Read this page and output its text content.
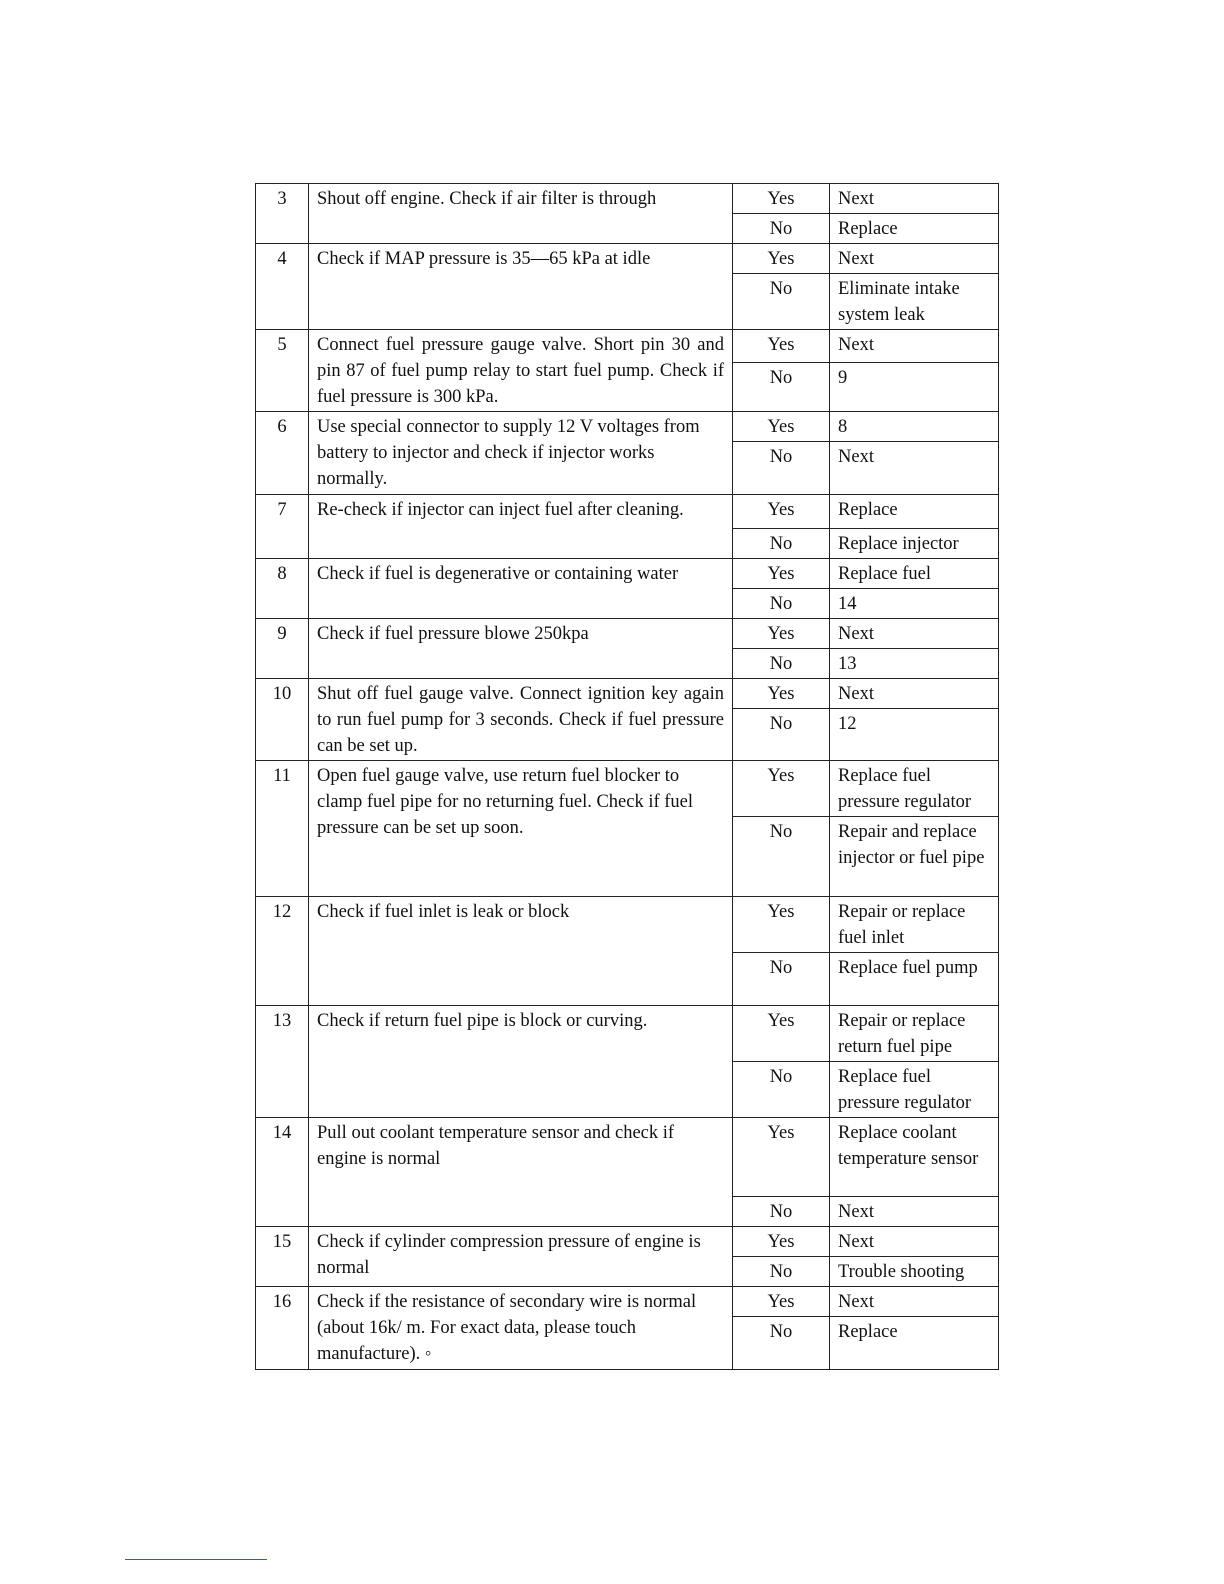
3	Shout off engine. Check if air filter is through	Yes	Next
		No	Replace
4	Check if MAP pressure is 35—65 kPa at idle	Yes	Next
		No	Eliminate intake system leak
5	Connect fuel pressure gauge valve. Short pin 30 and pin 87 of fuel pump relay to start fuel pump. Check if fuel pressure is 300 kPa.	Yes	Next
		No	9
6	Use special connector to supply 12 V voltages from battery to injector and check if injector works normally.	Yes	8
		No	Next
7	Re-check if injector can inject fuel after cleaning.	Yes	Replace
		No	Replace injector
8	Check if fuel is degenerative or containing water	Yes	Replace fuel
		No	14
9	Check if fuel pressure blowe 250kpa	Yes	Next
		No	13
10	Shut off fuel gauge valve. Connect ignition key again to run fuel pump for 3 seconds. Check if fuel pressure can be set up.	Yes	Next
		No	12
11	Open fuel gauge valve, use return fuel blocker to clamp fuel pipe for no returning fuel. Check if fuel pressure can be set up soon.	Yes	Replace fuel pressure regulator
		No	Repair and replace injector or fuel pipe
12	Check if fuel inlet is leak or block	Yes	Repair or replace fuel inlet
		No	Replace fuel pump
13	Check if return fuel pipe is block or curving.	Yes	Repair or replace return fuel pipe
		No	Replace fuel pressure regulator
14	Pull out coolant temperature sensor and check if engine is normal	Yes	Replace coolant temperature sensor
		No	Next
15	Check if cylinder compression pressure of engine is normal	Yes	Next
		No	Trouble shooting
16	Check if the resistance of secondary wire is normal (about 16k/ m. For exact data, please touch manufacture). ◦	Yes	Next
		No	Replace
